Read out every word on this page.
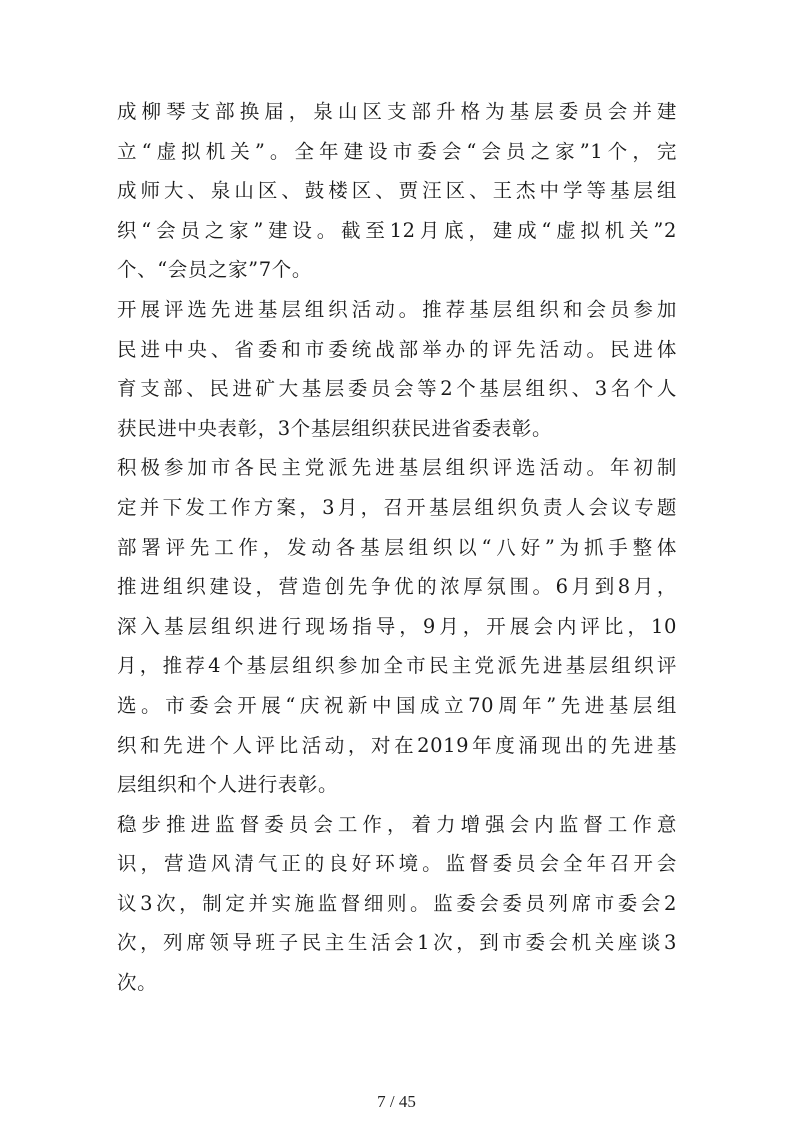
成柳琴支部换届，泉山区支部升格为基层委员会并建
立“虚拟机关”。全年建设市委会“会员之家”1个，完
成师大、泉山区、鼓楼区、贾汪区、王杰中学等基层组
织“会员之家”建设。截至12月底，建成“虚拟机关”2
个、“会员之家”7个。
开展评选先进基层组织活动。推荐基层组织和会员参加
民进中央、省委和市委统战部举办的评先活动。民进体
育支部、民进矿大基层委员会等2个基层组织、3名个人
获民进中央表彰，3个基层组织获民进省委表彰。
积极参加市各民主党派先进基层组织评选活动。年初制
定并下发工作方案，3月，召开基层组织负责人会议专题
部署评先工作，发动各基层组织以“八好”为抓手整体
推进组织建设，营造创先争优的浓厚氛围。6月到8月，
深入基层组织进行现场指导，9月，开展会内评比，10
月，推荐4个基层组织参加全市民主党派先进基层组织评
选。市委会开展“庆祝新中国成立70周年”先进基层组
织和先进个人评比活动，对在2019年度涌现出的先进基
层组织和个人进行表彰。
稳步推进监督委员会工作，着力增强会内监督工作意
识，营造风清气正的良好环境。监督委员会全年召开会
议3次，制定并实施监督细则。监委会委员列席市委会2
次，列席领导班子民主生活会1次，到市委会机关座谈3
次。
7 / 45
